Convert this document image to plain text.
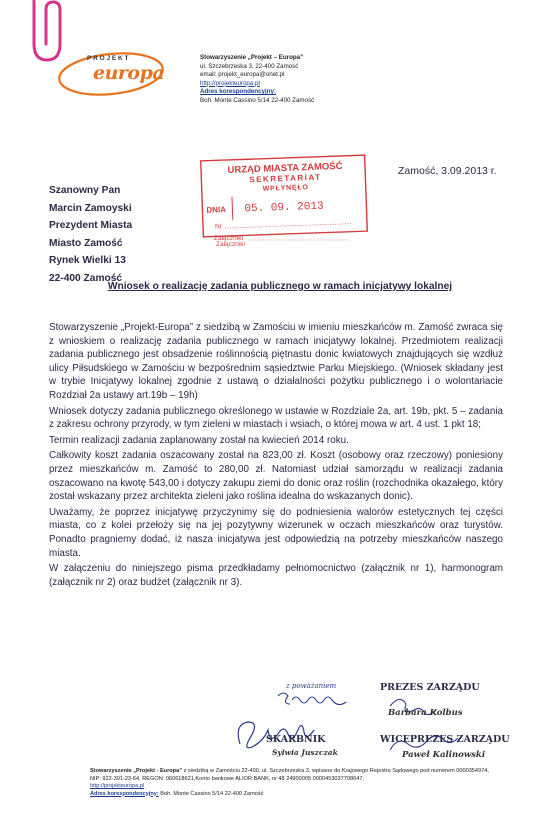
PROJEKT
europa
Stowarzyszenie „Projekt – Europa”
ul. Szczebrzeska 3, 22-400 Zamość
email: projekt_europa@onet.pl
http://projekteuropa.pl
Adres korespondencyjny:
Boh. Monte Cassino 5/14 22-400 Zamość
Zamość, 3.09.2013 r.
URZĄD MIASTA ZAMOŚĆ
SEKRETARIAT
WPŁYNĘŁO
DNIA 05. 09. 2013
Nr
Załączniki
Załączniki
Szanowny Pan
Marcin Zamoyski
Prezydent Miasta
Miasto Zamość
Rynek Wielki 13
22-400 Zamość
Wniosek o realizację zadania publicznego w ramach inicjatywy lokalnej

Stowarzyszenie „Projekt-Europa” z siedzibą w Zamościu w imieniu mieszkańców m. Zamość zwraca się z wnioskiem o realizację zadania publicznego w ramach inicjatywy lokalnej. Przedmiotem realizacji zadania publicznego jest obsadzenie roślinnością piętnastu donic kwiatowych znajdujących się wzdłuż ulicy Piłsudskiego w Zamościu w bezpośrednim sąsiedztwie Parku Miejskiego. (Wniosek składany jest w trybie Inicjatywy lokalnej zgodnie z ustawą o działalności pożytku publicznego i o wolontariacie Rozdział 2a ustawy art.19b – 19h)

Wniosek dotyczy zadania publicznego określonego w ustawie w Rozdziale 2a, art. 19b, pkt. 5 – zadania z zakresu ochrony przyrody, w tym zieleni w miastach i wsiach, o której mowa w art. 4 ust. 1 pkt 18;

Termin realizacji zadania zaplanowany został na kwiecień 2014 roku.

Całkowity koszt zadania oszacowany został na 823,00 zł. Koszt (osobowy oraz rzeczowy) poniesiony przez mieszkańców m. Zamość to 280,00 zł. Natomiast udział samorządu w realizacji zadania oszacowano na kwotę 543,00 i dotyczy zakupu ziemi do donic oraz roślin (rozchodnika okazałego, który został wskazany przez architekta zieleni jako roślina idealna do wskazanych donic).

Uważamy, że poprzez inicjatywę przyczynimy się do podniesienia walorów estetycznych tej części miasta, co z kolei przełoży się na jej pozytywny wizerunek w oczach mieszkańców oraz turystów. Ponadto pragniemy dodać, iż nasza inicjatywa jest odpowiedzią na potrzeby mieszkańców naszego miasta.

W załączeniu do niniejszego pisma przedkładamy pełnomocnictwo (załącznik nr 1), harmonogram (załącznik nr 2) oraz budżet (załącznik nr 3).

z poważaniem	PREZES ZARZĄDU
Barbara Kolbus
SKARBNIK
Sylwia Juszczak
WICEPREZES ZARZĄDU
Paweł Kalinowski
Stowarzyszenie „Projekt - Europa” z siedzibą w Zamościu 22-400, ul. Szczebrzeska 3, wpisane do Krajowego Rejestru Sądowego pod numerem 0000354974, NIP: 922-301-23-64, REGON: 060618621,Konto bankowe ALIOR BANK, nr 48 24900005 0000453037708647,
http://projekteuropa.pl
Adres korespondencyjny: Boh. Monte Cassino 5/14 22-400 Zamość
